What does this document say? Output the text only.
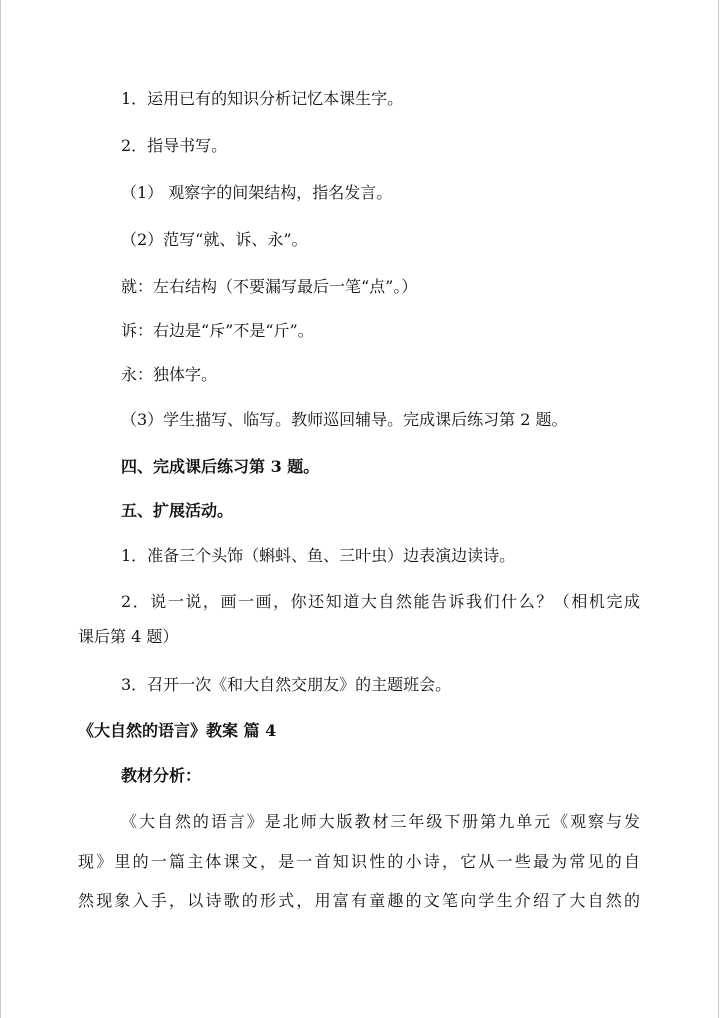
1．运用已有的知识分析记忆本课生字。

2．指导书写。

（1） 观察字的间架结构，指名发言。

（2）范写“就、诉、永”。

就：左右结构（不要漏写最后一笔“点”。）

诉：右边是“斥”不是“斤”。

永：独体字。

（3）学生描写、临写。教师巡回辅导。完成课后练习第 2 题。

四、完成课后练习第 3 题。

五、扩展活动。

1．准备三个头饰（蝌蚪、鱼、三叶虫）边表演边读诗。

2．说一说，画一画，你还知道大自然能告诉我们什么？（相机完成

课后第 4 题）

3．召开一次《和大自然交朋友》的主题班会。

《大自然的语言》教案 篇 4

教材分析：

《大自然的语言》是北师大版教材三年级下册第九单元《观察与发

现》里的一篇主体课文，是一首知识性的小诗，它从一些最为常见的自

然现象入手，以诗歌的形式，用富有童趣的文笔向学生介绍了大自然的
